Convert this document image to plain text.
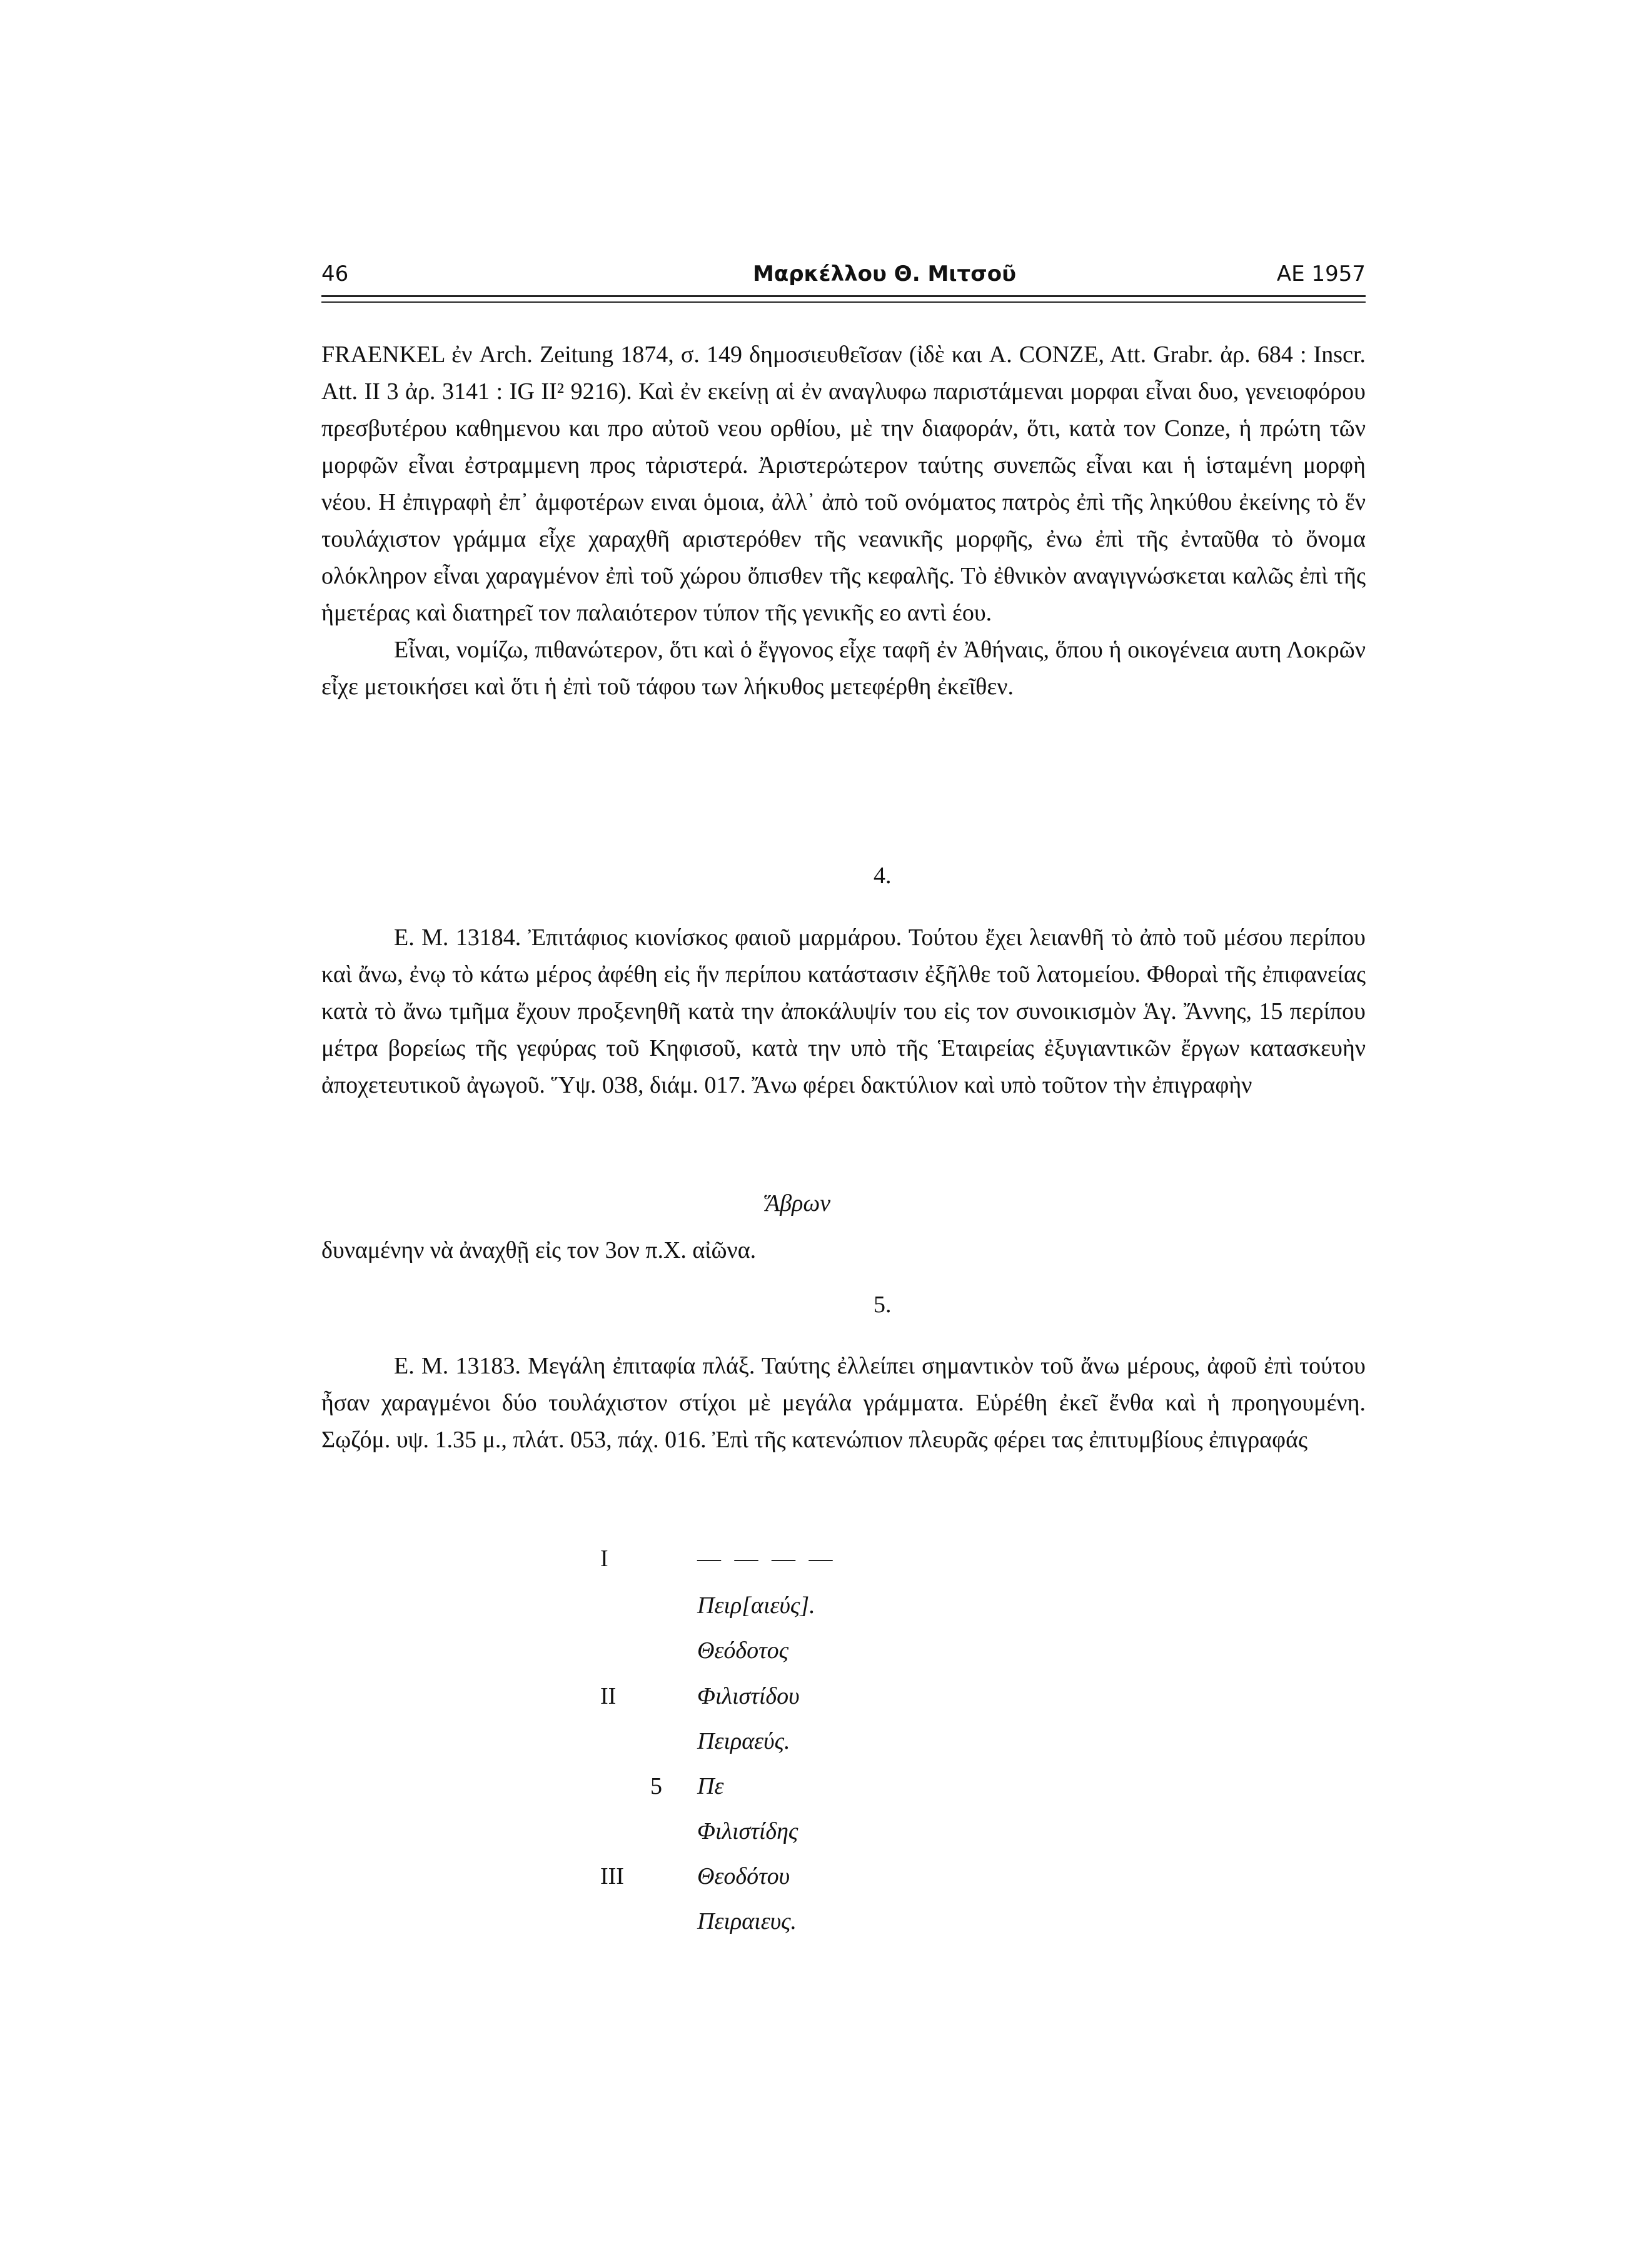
46	Μαρκέλλου Θ. Μιτσοῦ	ΑΕ 1957

FRAENKEL ἐν Arch. Zeitung 1874, σ. 149 δημοσιευθεῖσαν (ἰδὲ και A. CONZE, Att. Grabr. ἀρ. 684 : Inscr. Att. II 3 ἀρ. 3141 : IG II² 9216). Καὶ ἐν εκείνῃ αἱ ἐν αναγλυφω παριστάμεναι μορφαι εἶναι δυο, γενειοφόρου πρεσβυτέρου καθημενου και προ αὐτοῦ νεου ορθίου, μὲ την διαφοράν, ὅτι, κατὰ τον Conze, ἡ πρώτη τῶν μορφῶν εἶναι ἐστραμμενη προς τἀριστερά. Ἀριστερώτερον ταύτης συνεπῶς εἶναι και ἡ ἱσταμένη μορφὴ νέου. Η ἐπιγραφὴ ἐπ᾽ ἀμφοτέρων ειναι ὁμοια, ἀλλ᾽ ἀπὸ τοῦ ονόματος πατρὸς ἐπὶ τῆς ληκύθου ἐκείνης τὸ ἕν τουλάχιστον γράμμα εἶχε χαραχθῆ αριστερόθεν τῆς νεανικῆς μορφῆς, ἐνω ἐπὶ τῆς ἐνταῦθα τὸ ὄνομα ολόκληρον εἶναι χαραγμένον ἐπὶ τοῦ χώρου ὄπισθεν τῆς κεφαλῆς. Τὸ ἐθνικὸν αναγιγνώσκεται καλῶς ἐπὶ τῆς ἡμετέρας καὶ διατηρεῖ τον παλαιότερον τύπον τῆς γενικῆς εο αντὶ έου.

Εἶναι, νομίζω, πιθανώτερον, ὅτι καὶ ὁ ἔγγονος εἶχε ταφῆ ἐν Ἀθήναις, ὅπου ἡ οικογένεια αυτη Λοκρῶν εἶχε μετοικήσει καὶ ὅτι ἡ ἐπὶ τοῦ τάφου των λήκυθος μετεφέρθη ἐκεῖθεν.

4.

E. M. 13184. Ἐπιτάφιος κιονίσκος φαιοῦ μαρμάρου. Τούτου ἔχει λειανθῆ τὸ ἀπὸ τοῦ μέσου περίπου καὶ ἄνω, ἐνῳ τὸ κάτω μέρος ἀφέθη εἰς ἥν περίπου κατάστασιν ἐξῆλθε τοῦ λατομείου. Φθοραὶ τῆς ἐπιφανείας κατὰ τὸ ἄνω τμῆμα ἔχουν προξενηθῆ κατὰ την ἀποκάλυψίν του εἰς τον συνοικισμὸν Ἁγ. Ἄννης, 15 περίπου μέτρα βορείως τῆς γεφύρας τοῦ Κηφισοῦ, κατὰ την υπὸ τῆς Ἑταιρείας ἐξυγιαντικῶν ἔργων κατασκευὴν ἀποχετευτικοῦ ἀγωγοῦ. Ὕψ. 038, διάμ. 017. Ἄνω φέρει δακτύλιον καὶ υπὸ τοῦτον τὴν ἐπιγραφὴν

Ἅβρων

δυναμένην νὰ ἀναχθῇ εἰς τον 3ον π.Χ. αἰῶνα.

5.

E. M. 13183. Μεγάλη ἐπιταφία πλάξ. Ταύτης ἐλλείπει σημαντικὸν τοῦ ἄνω μέρους, ἀφοῦ ἐπὶ τούτου ἦσαν χαραγμένοι δύο τουλάχιστον στίχοι μὲ μεγάλα γράμματα. Εὑρέθη ἐκεῖ ἔνθα καὶ ἡ προηγουμένη. Σῳζόμ. υψ. 1.35 μ., πλάτ. 053, πάχ. 016. Ἐπὶ τῆς κατενώπιον πλευρᾶς φέρει τας ἐπιτυμβίους ἐπιγραφάς

I	— — — —
Πειρ[αιεύς].
Θεόδοτος
II	Φιλιστίδου
Πειραεύς.
5 Πε
Φιλιστίδης
III	Θεοδότου
Πειραιευς.
